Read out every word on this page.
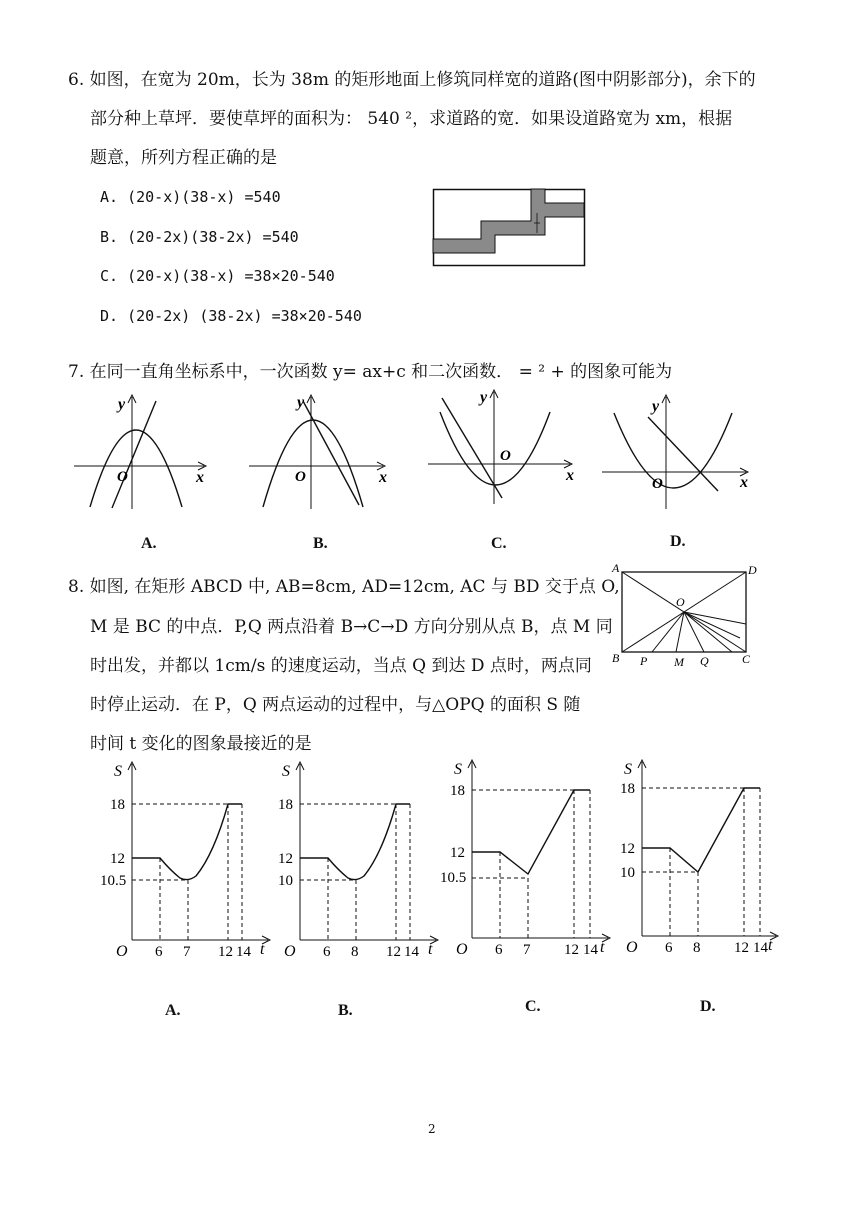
6. 如图，在宽为 20m，长为 38m 的矩形地面上修筑同样宽的道路(图中阴影部分)，余下的
部分种上草坪．要使草坪的面积为： 540 ²，求道路的宽．如果设道路宽为 xm，根据
题意，所列方程正确的是
A. (20-x)(38-x) =540
B. (20-2x)(38-2x) =540
C. (20-x)(38-x) =38×20-540
D. (20-2x) (38-2x) =38×20-540
7. 在同一直角坐标系中，一次函数 y= ax+c 和二次函数． = ² + 的图象可能为
y
x
O
A.
y
x
O
B.
y
x
O
C.
y
x
O
D.
8. 如图, 在矩形 ABCD 中, AB=8cm, AD=12cm, AC 与 BD 交于点 O,
M 是 BC 的中点．P,Q 两点沿着 B→C→D 方向分别从点 B，点 M 同
时出发，并都以 1cm/s 的速度运动，当点 Q 到达 D 点时，两点同
时停止运动．在 P，Q 两点运动的过程中，与△OPQ 的面积 S 随
时间 t 变化的图象最接近的是
A	D
B	C
O
P M Q
S
t
O
18
12
10.5
6 7 12 14
A.
S
t
O
18
12
10
6 8 12 14
B.
S
t
O
18
12
10.5
6 7 12 14
C.
S
t
O
18
12
10
6 8 12 14
D.
2
